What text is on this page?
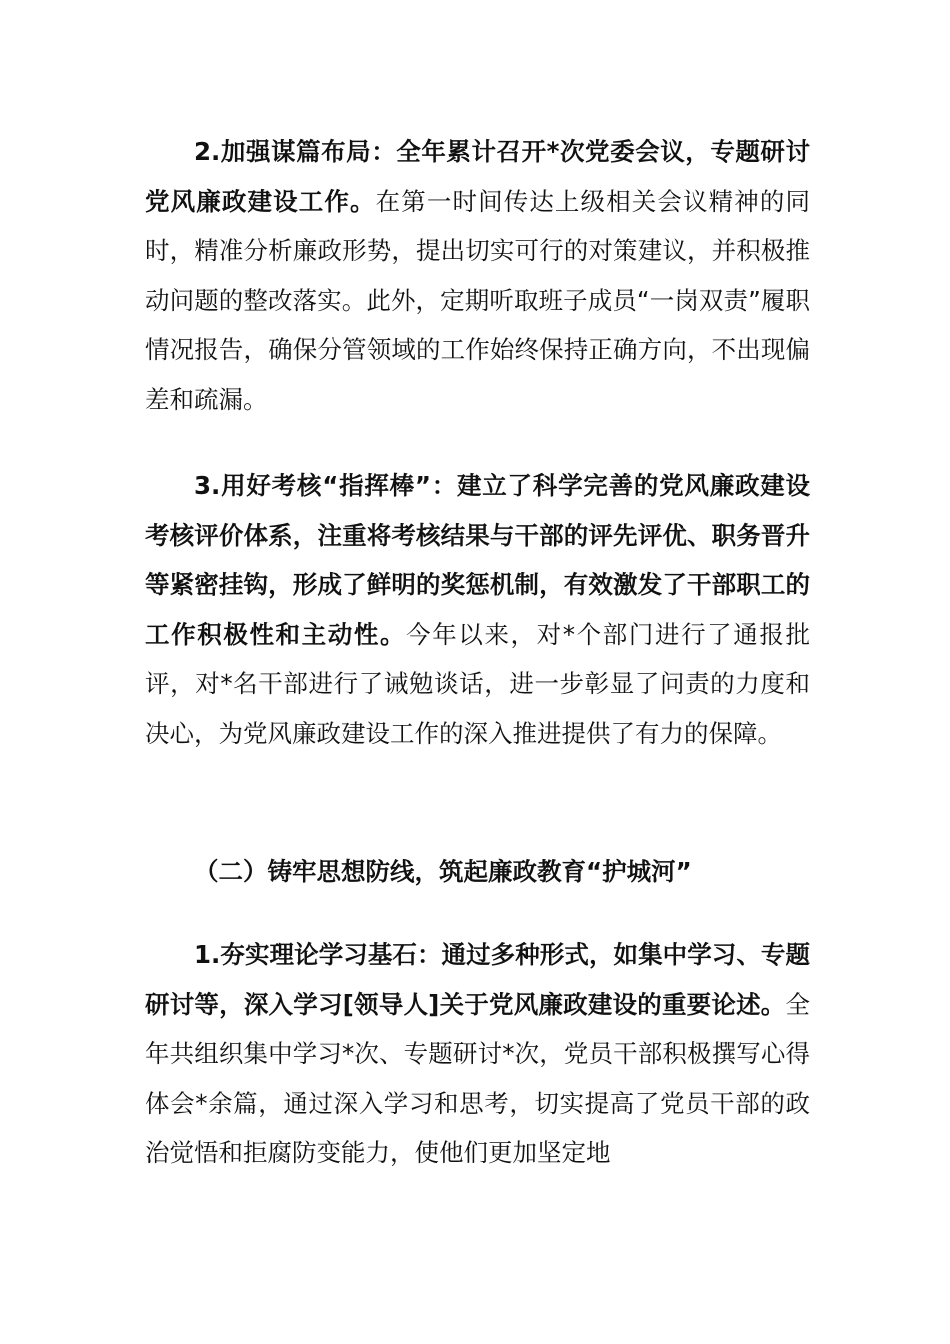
2.加强谋篇布局：全年累计召开*次党委会议，专题研讨党风廉政建设工作。在第一时间传达上级相关会议精神的同时，精准分析廉政形势，提出切实可行的对策建议，并积极推动问题的整改落实。此外，定期听取班子成员“一岗双责”履职情况报告，确保分管领域的工作始终保持正确方向，不出现偏差和疏漏。

3.用好考核“指挥棒”：建立了科学完善的党风廉政建设考核评价体系，注重将考核结果与干部的评先评优、职务晋升等紧密挂钩，形成了鲜明的奖惩机制，有效激发了干部职工的工作积极性和主动性。今年以来，对*个部门进行了通报批评，对*名干部进行了诫勉谈话，进一步彰显了问责的力度和决心，为党风廉政建设工作的深入推进提供了有力的保障。

（二）铸牢思想防线，筑起廉政教育“护城河”

1.夯实理论学习基石：通过多种形式，如集中学习、专题研讨等，深入学习[领导人]关于党风廉政建设的重要论述。全年共组织集中学习*次、专题研讨*次，党员干部积极撰写心得体会*余篇，通过深入学习和思考，切实提高了党员干部的政治觉悟和拒腐防变能力，使他们更加坚定地
